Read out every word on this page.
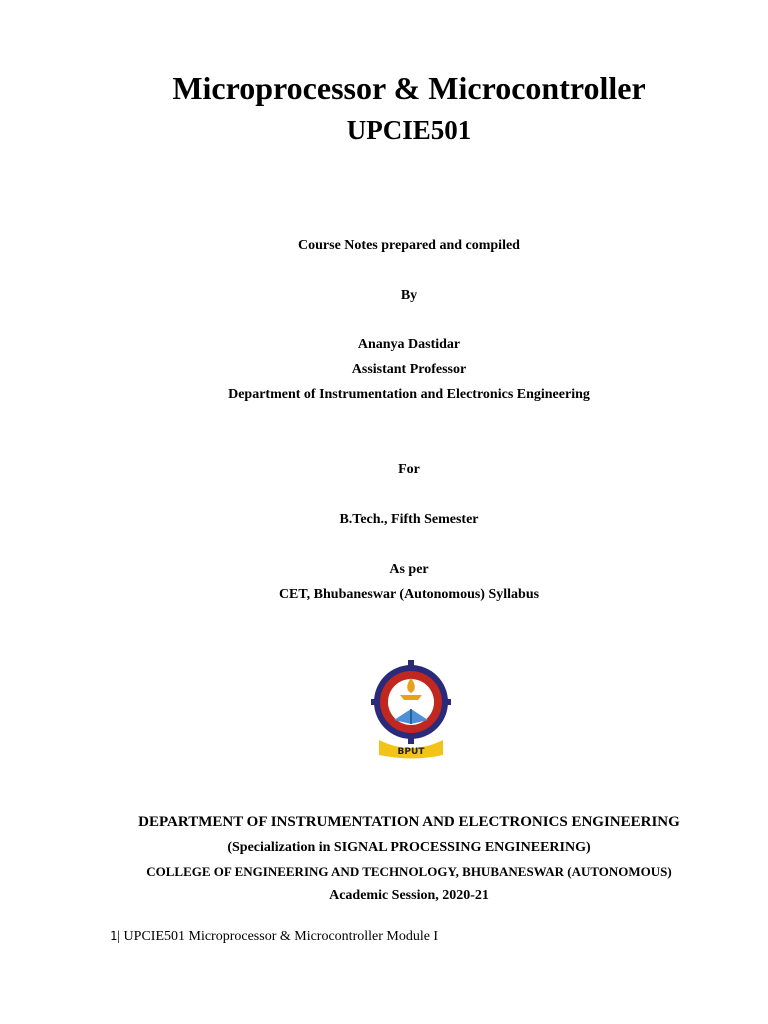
Microprocessor & Microcontroller
UPCIE501
Course Notes prepared and compiled
By
Ananya Dastidar
Assistant Professor
Department of Instrumentation and Electronics Engineering
For
B.Tech., Fifth Semester
As per
CET, Bhubaneswar (Autonomous) Syllabus
BPUT
DEPARTMENT OF INSTRUMENTATION AND ELECTRONICS ENGINEERING
(Specialization in SIGNAL PROCESSING ENGINEERING)
COLLEGE OF ENGINEERING AND TECHNOLOGY, BHUBANESWAR (AUTONOMOUS)
Academic Session, 2020-21
1| UPCIE501 Microprocessor & Microcontroller Module I
